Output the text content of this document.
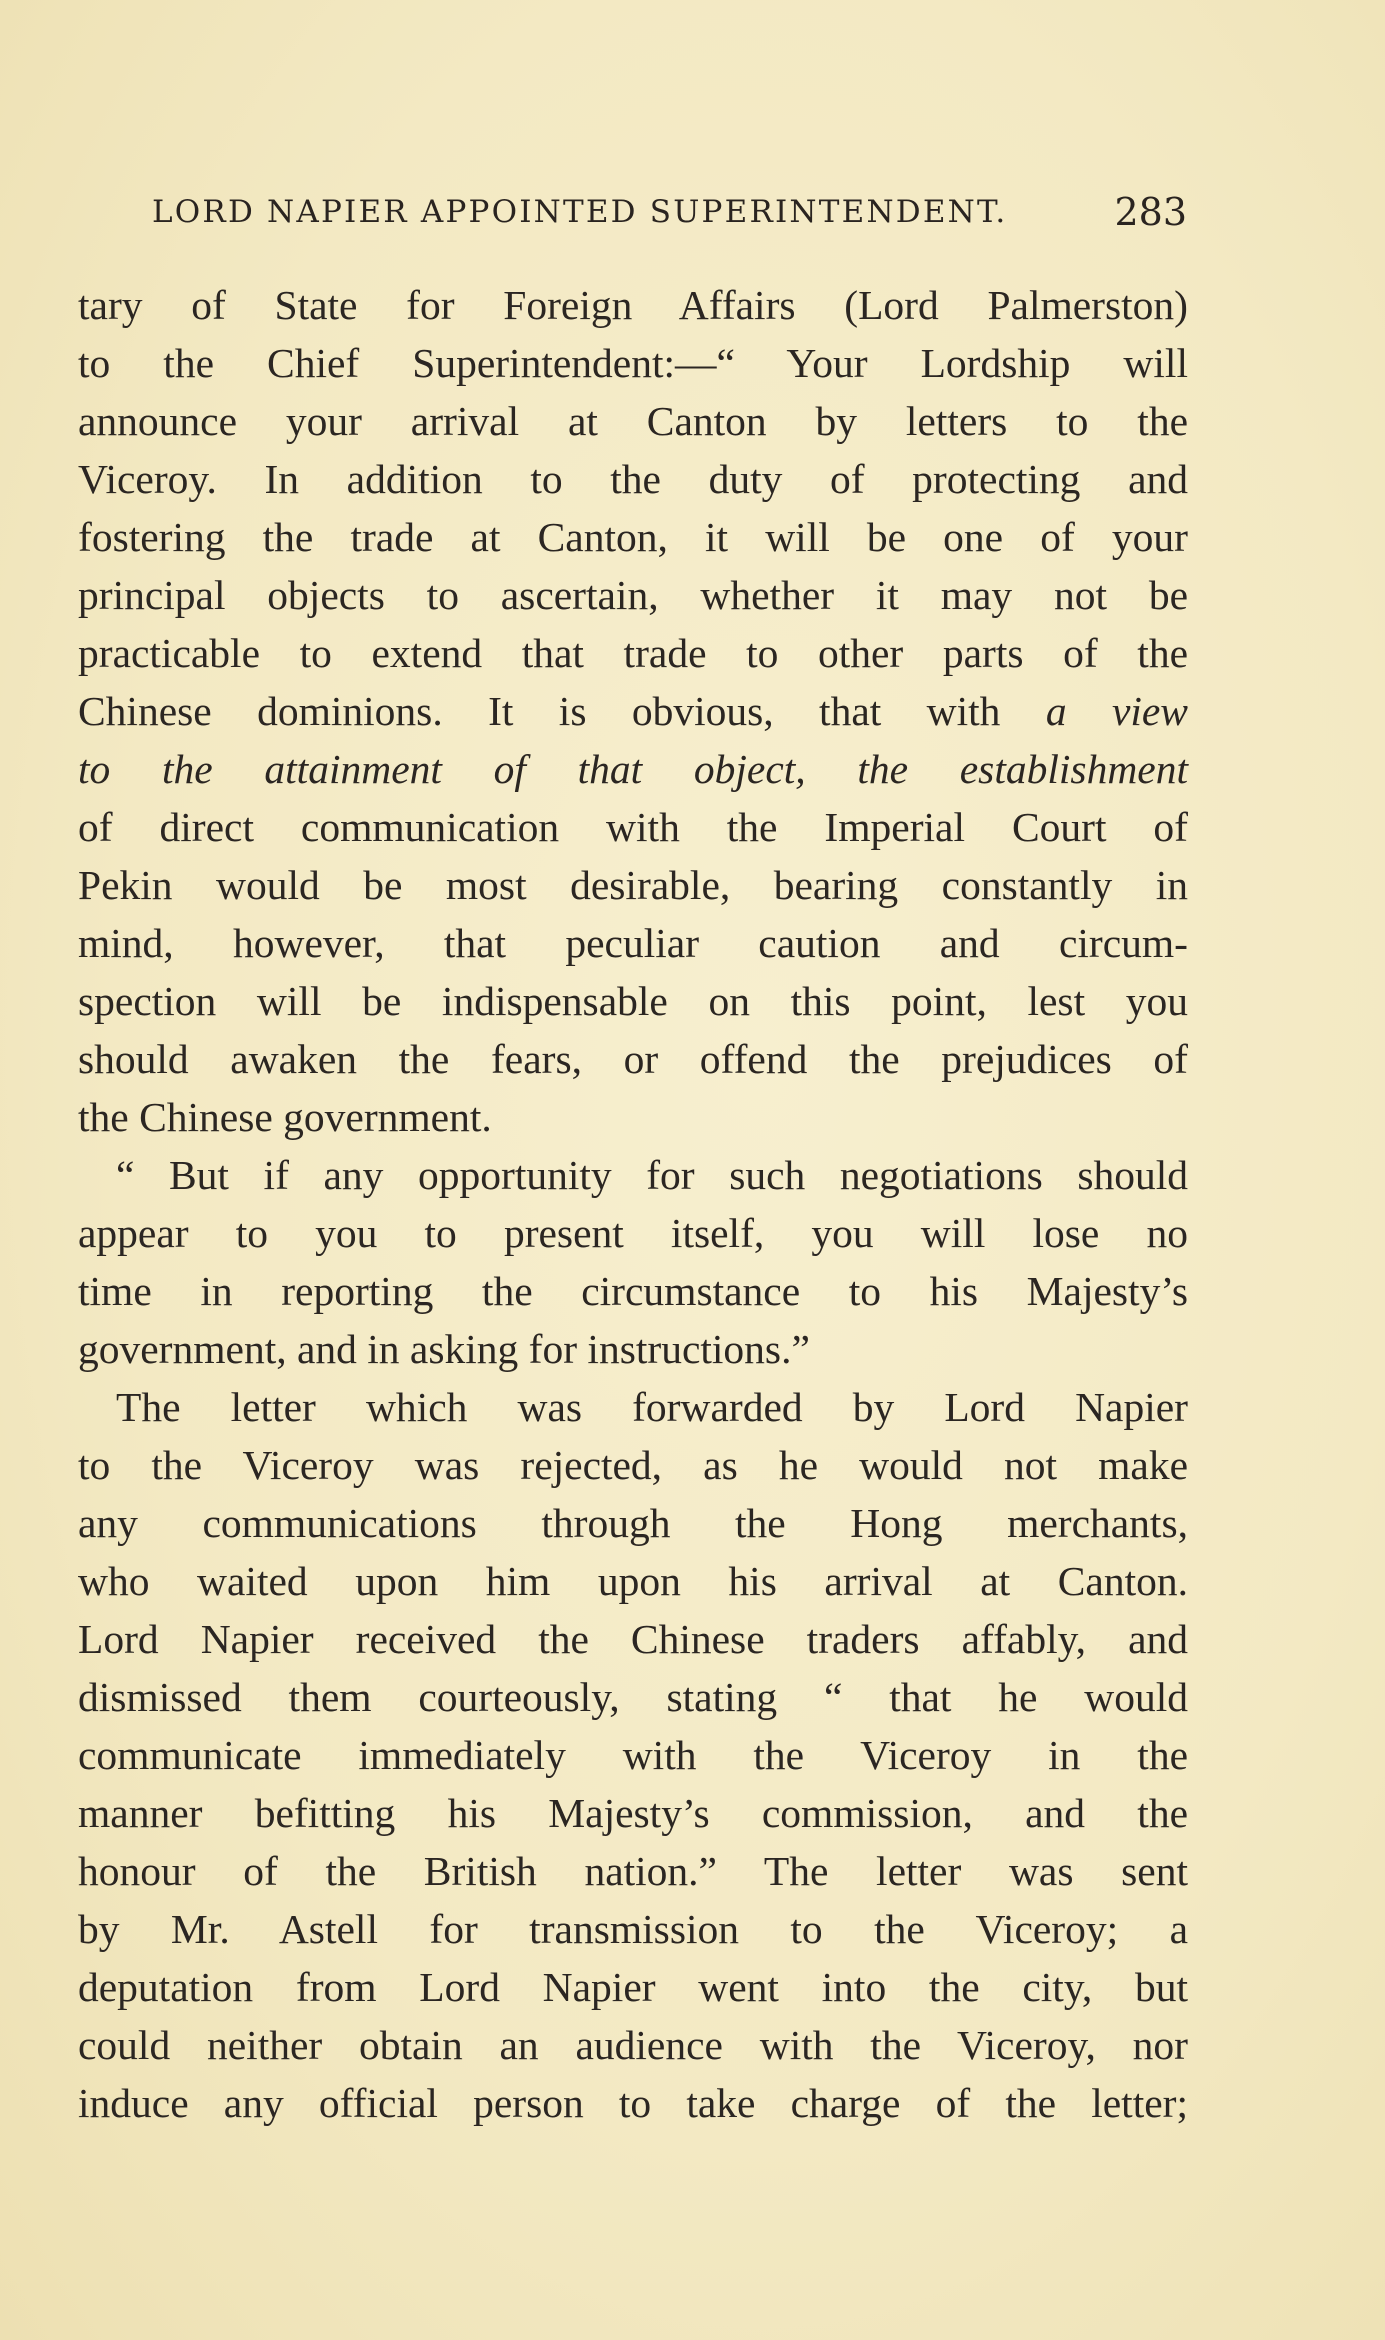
LORD NAPIER APPOINTED SUPERINTENDENT.	283
tary of State for Foreign Affairs (Lord Palmerston)
to the Chief Superintendent:—“ Your Lordship will
announce your arrival at Canton by letters to the
Viceroy. In addition to the duty of protecting and
fostering the trade at Canton, it will be one of your
principal objects to ascertain, whether it may not be
practicable to extend that trade to other parts of the
Chinese dominions. It is obvious, that with a view
to the attainment of that object, the establishment
of direct communication with the Imperial Court of
Pekin would be most desirable, bearing constantly in
mind, however, that peculiar caution and circum-
spection will be indispensable on this point, lest you
should awaken the fears, or offend the prejudices of
the Chinese government.
“ But if any opportunity for such negotiations should
appear to you to present itself, you will lose no
time in reporting the circumstance to his Majesty’s
government, and in asking for instructions.”
The letter which was forwarded by Lord Napier
to the Viceroy was rejected, as he would not make
any communications through the Hong merchants,
who waited upon him upon his arrival at Canton.
Lord Napier received the Chinese traders affably, and
dismissed them courteously, stating “ that he would
communicate immediately with the Viceroy in the
manner befitting his Majesty’s commission, and the
honour of the British nation.” The letter was sent
by Mr. Astell for transmission to the Viceroy; a
deputation from Lord Napier went into the city, but
could neither obtain an audience with the Viceroy, nor
induce any official person to take charge of the letter;
